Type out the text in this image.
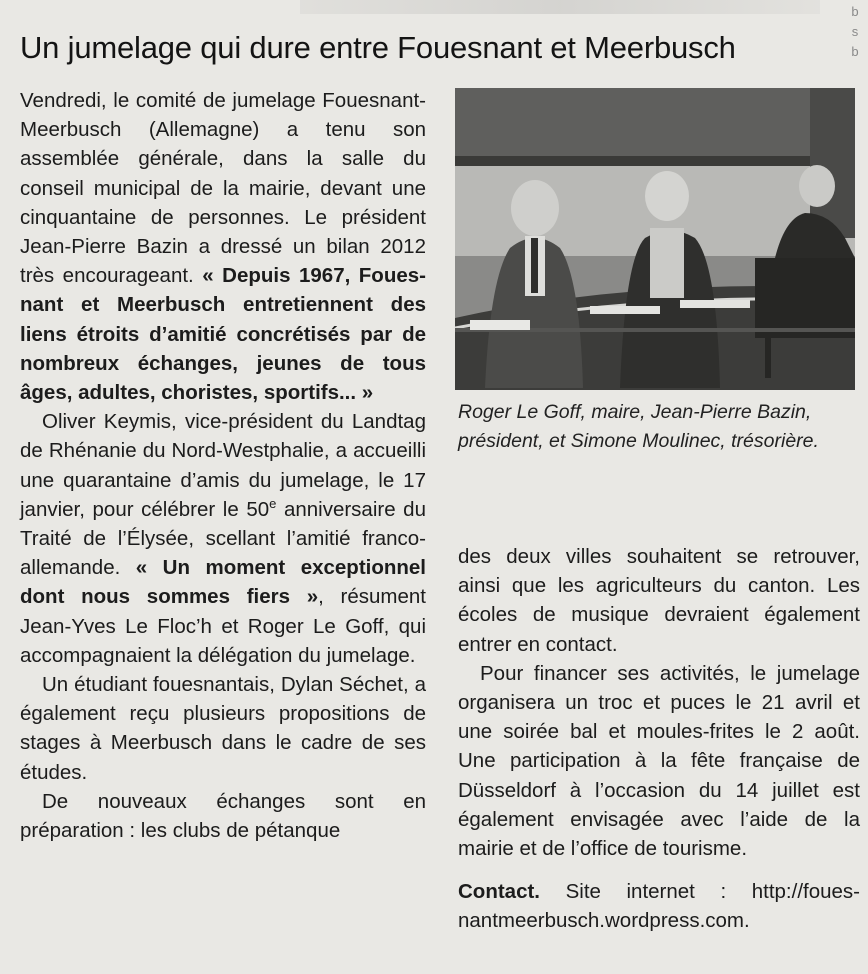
b
s
b
Un jumelage qui dure entre Fouesnant et Meerbusch

Vendredi, le comité de jumelage Fouesnant-Meerbusch (Allemagne) a tenu son assemblée générale, dans la salle du conseil municipal de la mairie, devant une cinquantaine de personnes. Le président Jean-Pierre Bazin a dressé un bilan 2012 très encourageant. « Depuis 1967, Fouesnant et Meerbusch entretiennent des liens étroits d’amitié concrétisés par de nombreux échanges, jeunes de tous âges, adultes, choristes, sportifs... »

Oliver Keymis, vice-président du Landtag de Rhénanie du Nord-Westphalie, a accueilli une quarantaine d’amis du jumelage, le 17 janvier, pour célébrer le 50e anniversaire du Traité de l’Élysée, scellant l’amitié franco-allemande. « Un moment exceptionnel dont nous sommes fiers », résument Jean-Yves Le Floc’h et Roger Le Goff, qui accompagnaient la délégation du jumelage.

Un étudiant fouesnantais, Dylan Séchet, a également reçu plusieurs propositions de stages à Meerbusch dans le cadre de ses études.

De nouveaux échanges sont en préparation : les clubs de pétanque

Roger Le Goff, maire, Jean-Pierre Bazin, président, et Simone Moulinec, trésorière.

des deux villes souhaitent se retrouver, ainsi que les agriculteurs du canton. Les écoles de musique devraient également entrer en contact.

Pour financer ses activités, le jumelage organisera un troc et puces le 21 avril et une soirée bal et moules-frites le 2 août. Une participation à la fête française de Düsseldorf à l’occasion du 14 juillet est également envisagée avec l’aide de la mairie et de l’office de tourisme.

Contact. Site internet : http://fouesnantmeerbusch.wordpress.com.
